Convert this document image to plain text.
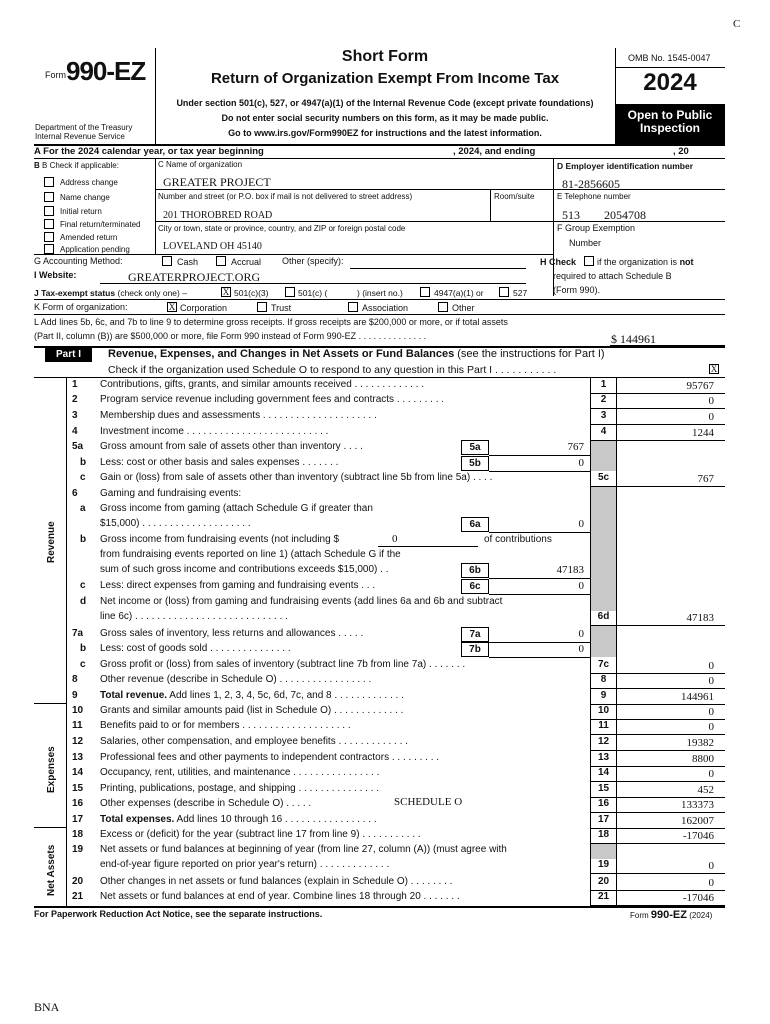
C
Form 990-EZ
Department of the Treasury
Internal Revenue Service
Short Form
Return of Organization Exempt From Income Tax
Under section 501(c), 527, or 4947(a)(1) of the Internal Revenue Code (except private foundations)
Do not enter social security numbers on this form, as it may be made public.
Go to www.irs.gov/Form990EZ for instructions and the latest information.
OMB No. 1545-0047
2024
Open to Public
Inspection
A For the 2024 calendar year, or tax year beginning	, 2024, and ending	, 20
B B Check if applicable:
Address change
Name change
Initial return
Final return/terminated
Amended return
Application pending
C Name of organization
GREATER PROJECT
Number and street (or P.O. box if mail is not delivered to street address)	Room/suite
201 THOROBRED ROAD
City or town, state or province, country, and ZIP or foreign postal code
LOVELAND OH 45140
D Employer identification number
81-2856605
E Telephone number
513 2054708
F Group Exemption
Number
G Accounting Method:	Cash	Accrual Other (specify):	H Check if the organization is not
required to attach Schedule B
(Form 990).
I Website:	GREATERPROJECT.ORG
J Tax-exempt status (check only one) –	X 501(c)(3)	501(c) (	) (insert no.)	4947(a)(1) or	527
K Form of organization:	X Corporation	Trust	Association	Other
L Add lines 5b, 6c, and 7b to line 9 to determine gross receipts. If gross receipts are $200,000 or more, or if total assets
(Part II, column (B)) are $500,000 or more, file Form 990 instead of Form 990-EZ . . . . . . . . . . . . . .	$ 144961
Part I	Revenue, Expenses, and Changes in Net Assets or Fund Balances (see the instructions for Part I)
Check if the organization used Schedule O to respond to any question in this Part I . . . . . . . . . . .	X
Revenue
Expenses
Net Assets
1 Contributions, gifts, grants, and similar amounts received . . . . . . . . . . . . .	1	95767
2 Program service revenue including government fees and contracts . . . . . . . . .	2	0
3 Membership dues and assessments . . . . . . . . . . . . . . . . . . . . .	3	0
4 Investment income . . . . . . . . . . . . . . . . . . . . . . . . . .	4	1244
5a Gross amount from sale of assets other than inventory . . . .	5a	767
b Less: cost or other basis and sales expenses . . . . . . .	5b	0
c Gain or (loss) from sale of assets other than inventory (subtract line 5b from line 5a) . . . .	5c	767
6 Gaming and fundraising events:
a Gross income from gaming (attach Schedule G if greater than
$15,000) . . . . . . . . . . . . . . . . . . . .	6a	0
b Gross income from fundraising events (not including $	0	of contributions
from fundraising events reported on line 1) (attach Schedule G if the
sum of such gross income and contributions exceeds $15,000) . .	6b	47183
c Less: direct expenses from gaming and fundraising events . . .	6c	0
d Net income or (loss) from gaming and fundraising events (add lines 6a and 6b and subtract
line 6c) . . . . . . . . . . . . . . . . . . . . . . . . . . . .	6d	47183
7a Gross sales of inventory, less returns and allowances . . . . .	7a	0
b Less: cost of goods sold . . . . . . . . . . . . . . .	7b	0
c Gross profit or (loss) from sales of inventory (subtract line 7b from line 7a) . . . . . . .	7c	0
8 Other revenue (describe in Schedule O) . . . . . . . . . . . . . . . . .	8	0
9 Total revenue. Add lines 1, 2, 3, 4, 5c, 6d, 7c, and 8 . . . . . . . . . . . . .	9	144961
10 Grants and similar amounts paid (list in Schedule O) . . . . . . . . . . . . .	10	0
11 Benefits paid to or for members . . . . . . . . . . . . . . . . . . . .	11	0
12 Salaries, other compensation, and employee benefits . . . . . . . . . . . . .	12	19382
13 Professional fees and other payments to independent contractors . . . . . . . . .	13	8800
14 Occupancy, rent, utilities, and maintenance . . . . . . . . . . . . . . . .	14	0
15 Printing, publications, postage, and shipping . . . . . . . . . . . . . . .	15	452
16 Other expenses (describe in Schedule O) . . . . .	SCHEDULE O	16	133373
17 Total expenses. Add lines 10 through 16 . . . . . . . . . . . . . . . . .	17	162007
18 Excess or (deficit) for the year (subtract line 17 from line 9) . . . . . . . . . . .	18	-17046
19 Net assets or fund balances at beginning of year (from line 27, column (A)) (must agree with
end-of-year figure reported on prior year's return) . . . . . . . . . . . . .	19	0
20 Other changes in net assets or fund balances (explain in Schedule O) . . . . . . . .	20	0
21 Net assets or fund balances at end of year. Combine lines 18 through 20 . . . . . . .	21	-17046
For Paperwork Reduction Act Notice, see the separate instructions.	Form 990-EZ (2024)
BNA
